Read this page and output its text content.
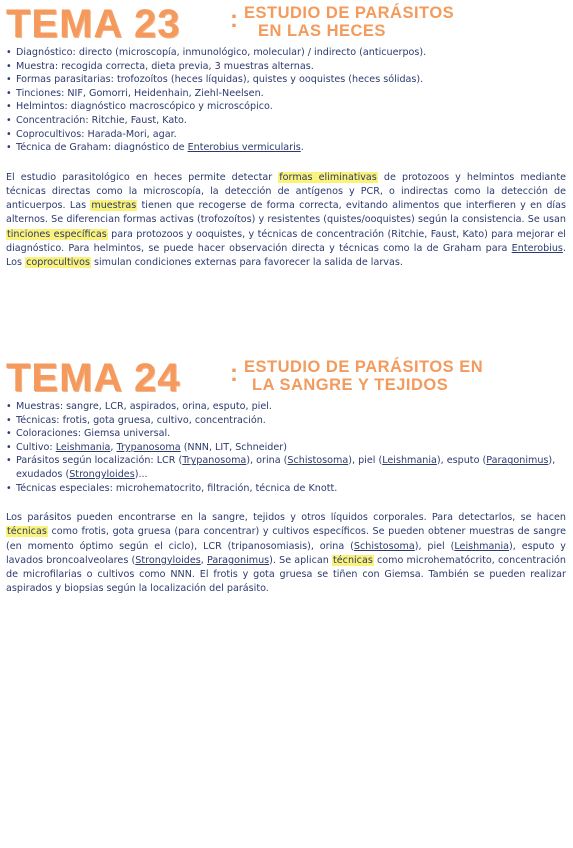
TEMA 23 : ESTUDIO DE PARÁSITOS
EN LAS HECES
• Diagnóstico: directo (microscopía, inmunológico, molecular) / indirecto (anticuerpos).
• Muestra: recogida correcta, dieta previa, 3 muestras alternas.
• Formas parasitarias: trofozoítos (heces líquidas), quistes y ooquistes (heces sólidas).
• Tinciones: NIF, Gomorri, Heidenhain, Ziehl-Neelsen.
• Helmintos: diagnóstico macroscópico y microscópico.
• Concentración: Ritchie, Faust, Kato.
• Coprocultivos: Harada-Mori, agar.
• Técnica de Graham: diagnóstico de Enterobius vermicularis.

El estudio parasitológico en heces permite detectar formas eliminativas de protozoos y helmintos mediante técnicas directas como la microscopía, la detección de antígenos y PCR, o indirectas como la detección de anticuerpos. Las muestras tienen que recogerse de forma correcta, evitando alimentos que interfieren y en días alternos. Se diferencian formas activas (trofozoítos) y resistentes (quistes/ooquistes) según la consistencia. Se usan tinciones específicas para protozoos y ooquistes, y técnicas de concentración (Ritchie, Faust, Kato) para mejorar el diagnóstico. Para helmintos, se puede hacer observación directa y técnicas como la de Graham para Enterobius. Los coprocultivos simulan condiciones externas para favorecer la salida de larvas.

TEMA 24 : ESTUDIO DE PARÁSITOS EN
LA SANGRE Y TEJIDOS
• Muestras: sangre, LCR, aspirados, orina, esputo, piel.
• Técnicas: frotis, gota gruesa, cultivo, concentración.
• Coloraciones: Giemsa universal.
• Cultivo: Leishmania, Trypanosoma (NNN, LIT, Schneider)
• Parásitos según localización: LCR (Trypanosoma), orina (Schistosoma), piel (Leishmania), esputo (Paragonimus), exudados (Strongyloides)...
• Técnicas especiales: microhematocrito, filtración, técnica de Knott.

Los parásitos pueden encontrarse en la sangre, tejidos y otros líquidos corporales. Para detectarlos, se hacen técnicas como frotis, gota gruesa (para concentrar) y cultivos específicos. Se pueden obtener muestras de sangre (en momento óptimo según el ciclo), LCR (tripanosomiasis), orina (Schistosoma), piel (Leishmania), esputo y lavados broncoalveolares (Strongyloides, Paragonimus). Se aplican técnicas como microhematócrito, concentración de microfilarias o cultivos como NNN. El frotis y gota gruesa se tiñen con Giemsa. También se pueden realizar aspirados y biopsias según la localización del parásito.
